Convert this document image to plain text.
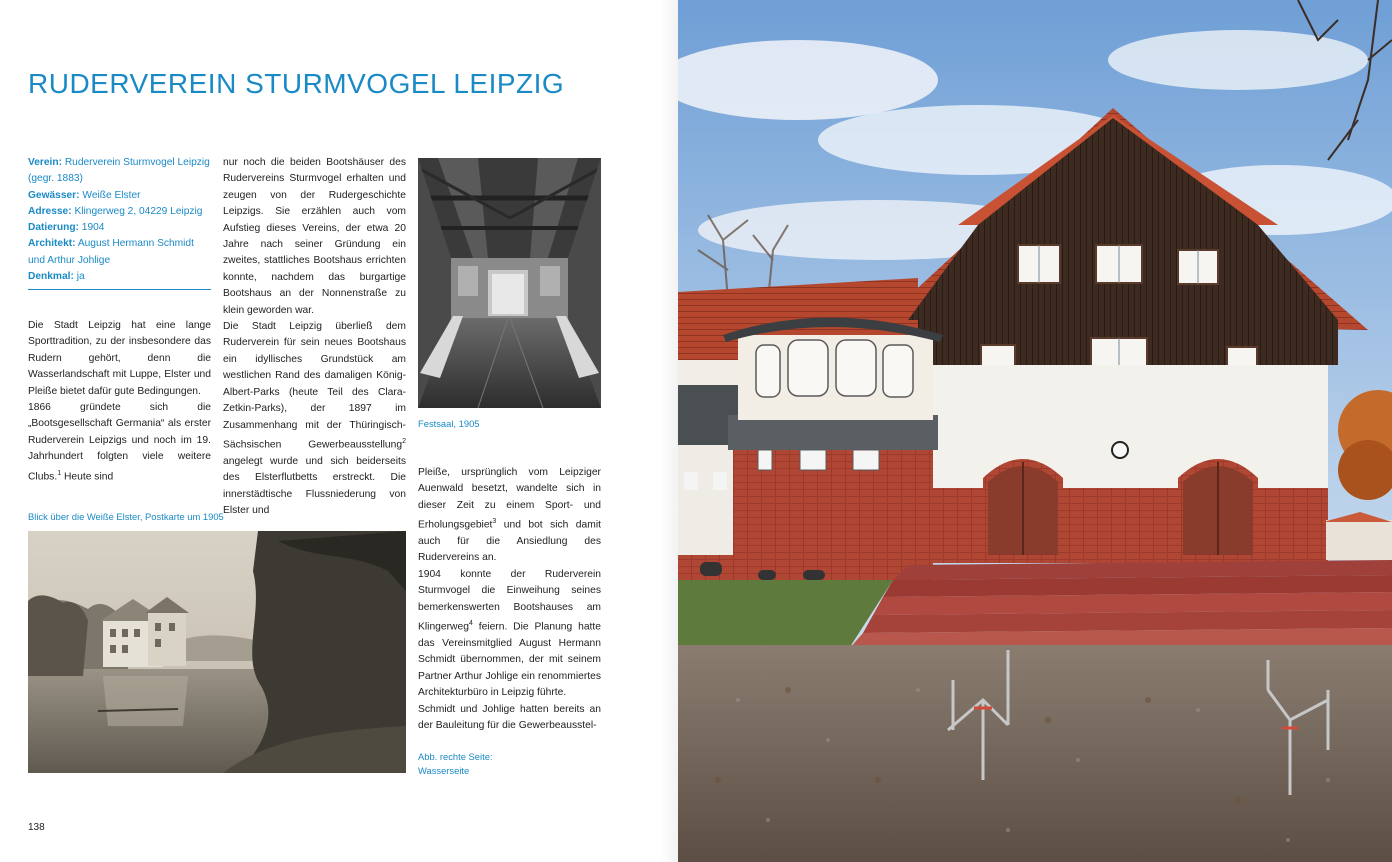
RUDERVEREIN STURMVOGEL LEIPZIG
Verein: Ruderverein Sturmvogel Leipzig (gegr. 1883)
Gewässer: Weiße Elster
Adresse: Klingerweg 2, 04229 Leipzig
Datierung: 1904
Architekt: August Hermann Schmidt und Arthur Johlige
Denkmal: ja

Die Stadt Leipzig hat eine lange Sporttradition, zu der insbesondere das Rudern gehört, denn die Wasserlandschaft mit Luppe, Elster und Pleiße bietet dafür gute Bedingungen.

1866 gründete sich die „Bootsgesellschaft Germania“ als erster Ruderverein Leipzigs und noch im 19. Jahrhundert folgten viele weitere Clubs.$^1$ Heute sind

nur noch die beiden Bootshäuser des Rudervereins Sturmvogel erhalten und zeugen von der Rudergeschichte Leipzigs. Sie erzählen auch vom Aufstieg dieses Vereins, der etwa 20 Jahre nach seiner Gründung ein zweites, stattliches Bootshaus errichten konnte, nachdem das burgartige Bootshaus an der Nonnenstraße zu klein geworden war.

Die Stadt Leipzig überließ dem Ruderverein für sein neues Bootshaus ein idyllisches Grundstück am westlichen Rand des damaligen König-Albert-Parks (heute Teil des Clara-Zetkin-Parks), der 1897 im Zusammenhang mit der Thüringisch-Sächsischen Gewerbeausstellung$^2$ angelegt wurde und sich beiderseits des Elsterflutbetts erstreckt. Die innerstädtische Flussniederung von Elster und

Festsaal, 1905

Pleiße, ursprünglich vom Leipziger Auenwald besetzt, wandelte sich in dieser Zeit zu einem Sport- und Erholungsgebiet$^3$ und bot sich damit auch für die Ansiedlung des Rudervereins an.

1904 konnte der Ruderverein Sturmvogel die Einweihung seines bemerkenswerten Bootshauses am Klingerweg$^4$ feiern. Die Planung hatte das Vereinsmitglied August Hermann Schmidt übernommen, der mit seinem Partner Arthur Johlige ein renommiertes Architekturbüro in Leipzig führte.

Schmidt und Johlige hatten bereits an der Bauleitung für die Gewerbeausstel-

Blick über die Weiße Elster, Postkarte um 1905
Abb. rechte Seite:
Wasserseite
138
